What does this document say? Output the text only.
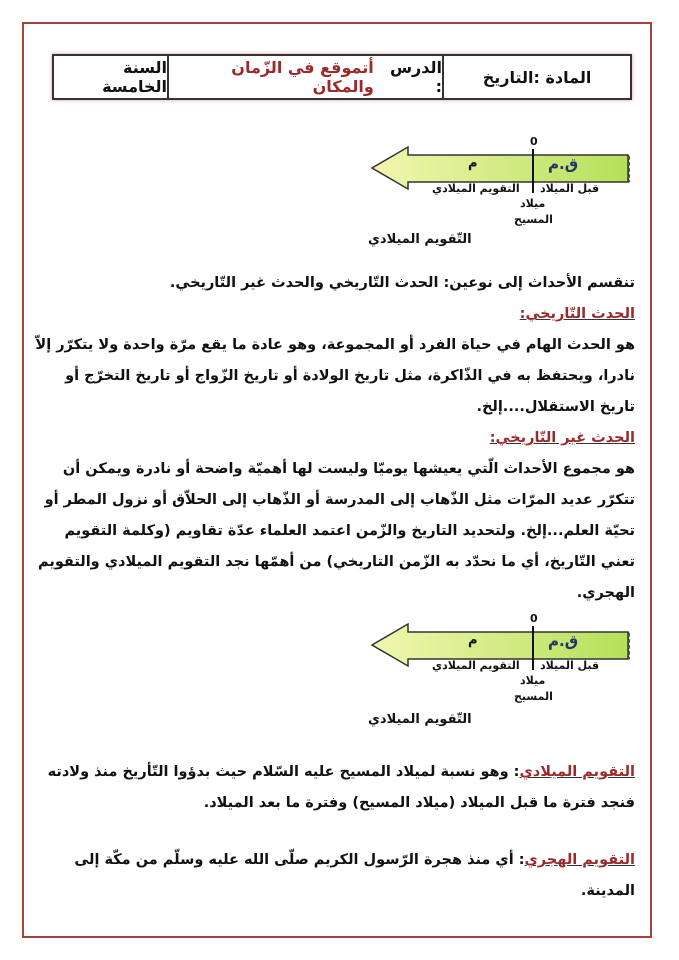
المادة :التاريخ
الدرس :

أتموقع في الزّمان والمكان
السنة الخامسة
0
ق.م
م
قبل الميلاد
التقويم الميلادي
ميلاد
المسيح
التّقويم الميلادي

تنقسم الأحداث إلى نوعين: الحدث التّاريخي والحدث غير التّاريخي.

الحدث التّاريخي:

هو الحدث الهام في حياة الفرد أو المجموعة، وهو عادة ما يقع مرّة واحدة ولا يتكرّر إلاّ نادرا، ويحتفظ به في الذّاكرة، مثل تاريخ الولادة أو تاريخ الزّواج أو تاريخ التخرّج أو تاريخ الاستقلال....إلخ.

الحدث غير التّاريخي:

هو مجموع الأحداث الّتي يعيشها يوميّا وليست لها أهميّة واضحة أو نادرة ويمكن أن تتكرّر عديد المرّات مثل الذّهاب إلى المدرسة أو الذّهاب إلى الحلاّق أو نزول المطر أو تحيّة العلم...إلخ. ولتحديد التاريخ والزّمن اعتمد العلماء عدّة تقاويم (وكلمة التقويم تعني التّاريخ، أي ما نحدّد به الزّمن التاريخي) من أهمّها نجد التقويم الميلادي والتقويم الهجري.

0
ق.م
م
قبل الميلاد
التقويم الميلادي
ميلاد
المسيح
التّقويم الميلادي

التقويم الميلادي: وهو نسبة لميلاد المسيح عليه السّلام حيث بدؤوا التّأريخ منذ ولادته فنجد فترة ما قبل الميلاد (ميلاد المسيح) وفترة ما بعد الميلاد.

التقويم الهجري: أي منذ هجرة الرّسول الكريم صلّى الله عليه وسلّم من مكّة إلى المدينة.
